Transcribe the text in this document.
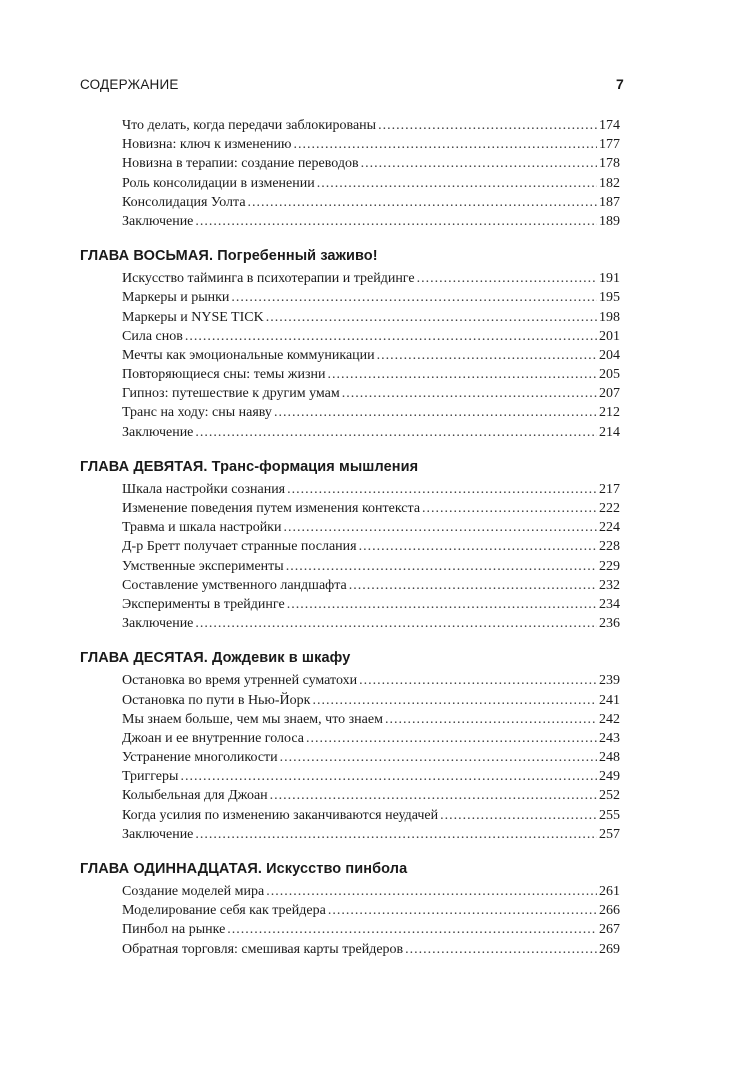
СОДЕРЖАНИЕ	7
Что делать, когда передачи заблокированы .....	174
Новизна: ключ к изменению .....	177
Новизна в терапии: создание переводов .....	178
Роль консолидации в изменении .....	182
Консолидация Уолта .....	187
Заключение .....	189
ГЛАВА ВОСЬМАЯ. Погребенный заживо!
Искусство тайминга в психотерапии и трейдинге .....	191
Маркеры и рынки .....	195
Маркеры и NYSE TICK .....	198
Сила снов .....	201
Мечты как эмоциональные коммуникации .....	204
Повторяющиеся сны: темы жизни .....	205
Гипноз: путешествие к другим умам .....	207
Транс на ходу: сны наяву .....	212
Заключение .....	214
ГЛАВА ДЕВЯТАЯ. Транс-формация мышления
Шкала настройки сознания .....	217
Изменение поведения путем изменения контекста .....	222
Травма и шкала настройки .....	224
Д-р Бретт получает странные послания .....	228
Умственные эксперименты .....	229
Составление умственного ландшафта .....	232
Эксперименты в трейдинге .....	234
Заключение .....	236
ГЛАВА ДЕСЯТАЯ. Дождевик в шкафу
Остановка во время утренней суматохи .....	239
Остановка по пути в Нью-Йорк .....	241
Мы знаем больше, чем мы знаем, что знаем .....	242
Джоан и ее внутренние голоса .....	243
Устранение многоликости .....	248
Триггеры .....	249
Колыбельная для Джоан .....	252
Когда усилия по изменению заканчиваются неудачей .....	255
Заключение .....	257
ГЛАВА ОДИННАДЦАТАЯ. Искусство пинбола
Создание моделей мира .....	261
Моделирование себя как трейдера .....	266
Пинбол на рынке .....	267
Обратная торговля: смешивая карты трейдеров .....	269
